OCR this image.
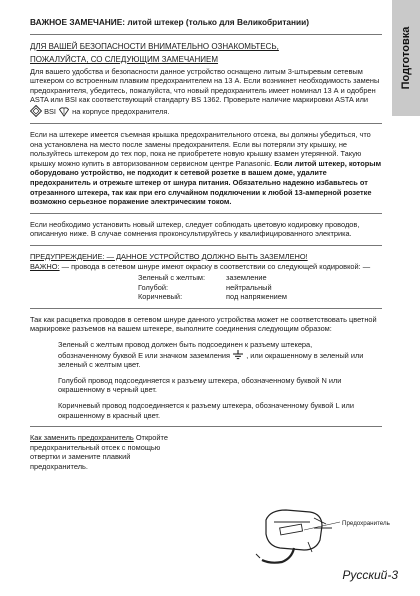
Подготовка
ВАЖНОЕ ЗАМЕЧАНИЕ: литой штекер (только для Великобритании)
ДЛЯ ВАШЕЙ БЕЗОПАСНОСТИ ВНИМАТЕЛЬНО ОЗНАКОМЬТЕСЬ,
ПОЖАЛУЙСТА, СО СЛЕДУЮЩИМ ЗАМЕЧАНИЕМ

Для вашего удобства и безопасности данное устройство оснащено литым 3-штыревым сетевым штекером со встроенным плавким предохранителем на 13 А. Если возникнет необходимость замены предохранителя, убедитесь, пожалуйста, что новый предохранитель имеет номинал 13 А и одобрен ASTA или BSI как соответствующий стандарту BS 1362. Проверьте наличие маркировки ASTA или  BSI на корпусе предохранителя.

Если на штекере имеется съемная крышка предохранительного отсека, вы должны убедиться, что она установлена на место после замены предохранителя. Если вы потеряли эту крышку, не пользуйтесь штекером до тех пор, пока не приобретете новую крышку взамен утерянной. Такую крышку можно купить в авторизованном сервисном центре Panasonic. Если литой штекер, которым оборудовано устройство, не подходит к сетевой розетке в вашем доме, удалите предохранитель и отрежьте штекер от шнура питания. Обязательно надежно избавьтесь от отрезанного штекера, так как при его случайном подключении к любой 13-амперной розетке возможно серьезное поражение электрическим током.

Если необходимо установить новый штекер, следует соблюдать цветовую кодировку проводов, описанную ниже. В случае сомнения проконсультируйтесь у квалифицированного электрика.

ПРЕДУПРЕЖДЕНИЕ: — ДАННОЕ УСТРОЙСТВО ДОЛЖНО БЫТЬ ЗАЗЕМЛЕНО!
ВАЖНО: — провода в сетевом шнуре имеют окраску в соответствии со следующей кодировкой: —
Зеленый с желтым:	заземление
Голубой:	нейтральный
Коричневый:	под напряжением

Так как расцветка проводов в сетевом шнуре данного устройства может не соответствовать цветной маркировке разъемов на вашем штекере, выполните соединения следующим образом:

Зеленый с желтым провод должен быть подсоединен к разъему штекера, обозначенному буквой E или значком заземления , или окрашенному в зеленый или зеленый с желтым цвет.

Голубой провод подсоединяется к разъему штекера, обозначенному буквой N или окрашенному в черный цвет.

Коричневый провод подсоединяется к разъему штекера, обозначенному буквой L или окрашенному в красный цвет.

Как заменить предохранитель Откройте предохранительный отсек с помощью отвертки и замените плавкий предохранитель.

Предохранитель
Русский-3
